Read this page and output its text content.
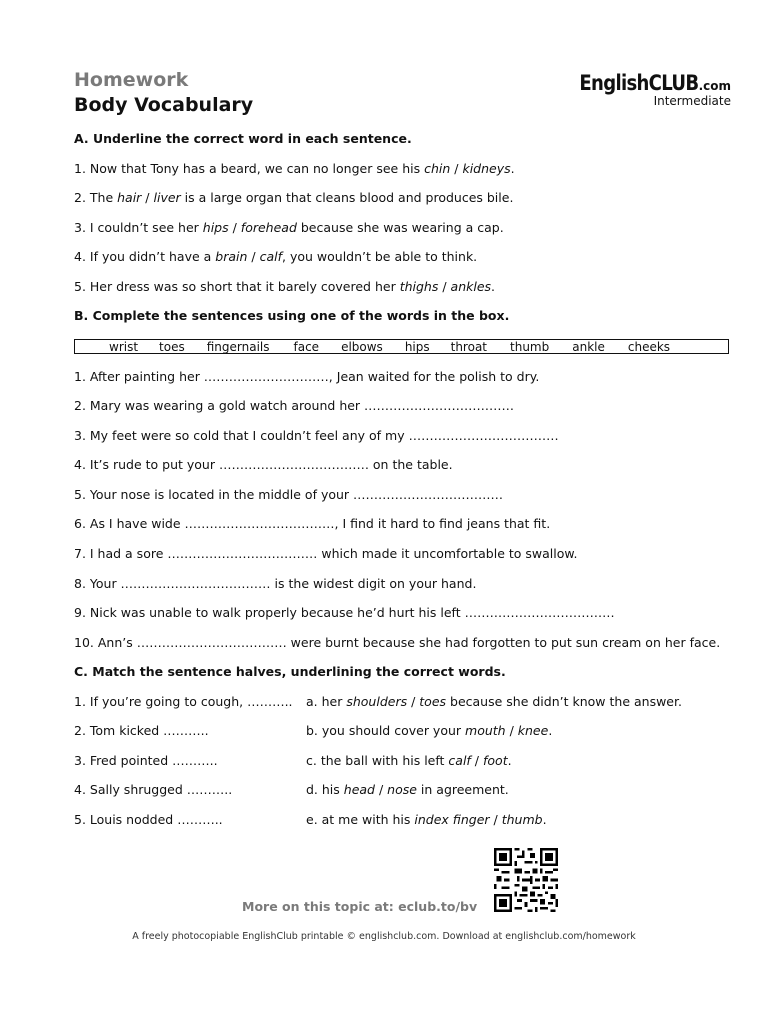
Homework
Body Vocabulary
EnglishCLUB.com
Intermediate
A. Underline the correct word in each sentence.
1. Now that Tony has a beard, we can no longer see his chin / kidneys.
2. The hair / liver is a large organ that cleans blood and produces bile.
3. I couldn’t see her hips / forehead because she was wearing a cap.
4. If you didn’t have a brain / calf, you wouldn’t be able to think.
5. Her dress was so short that it barely covered her thighs / ankles.
B. Complete the sentences using one of the words in the box.
wrist toes fingernails face elbows hips throat thumb ankle cheeks
1. After painting her …………………………, Jean waited for the polish to dry.
2. Mary was wearing a gold watch around her ………………………………
3. My feet were so cold that I couldn’t feel any of my ………………………………
4. It’s rude to put your ……………………………… on the table.
5. Your nose is located in the middle of your ………………………………
6. As I have wide ………………………………, I find it hard to find jeans that fit.
7. I had a sore ……………………………… which made it uncomfortable to swallow.
8. Your ……………………………… is the widest digit on your hand.
9. Nick was unable to walk properly because he’d hurt his left ………………………………
10. Ann’s ……………………………… were burnt because she had forgotten to put sun cream on her face.
C. Match the sentence halves, underlining the correct words.
1. If you’re going to cough, ………..
2. Tom kicked ………..
3. Fred pointed ………..
4. Sally shrugged ………..
5. Louis nodded ………..
a. her shoulders / toes because she didn’t know the answer.
b. you should cover your mouth / knee.
c. the ball with his left calf / foot.
d. his head / nose in agreement.
e. at me with his index finger / thumb.
More on this topic at: eclub.to/bv
A freely photocopiable EnglishClub printable © englishclub.com. Download at englishclub.com/homework
